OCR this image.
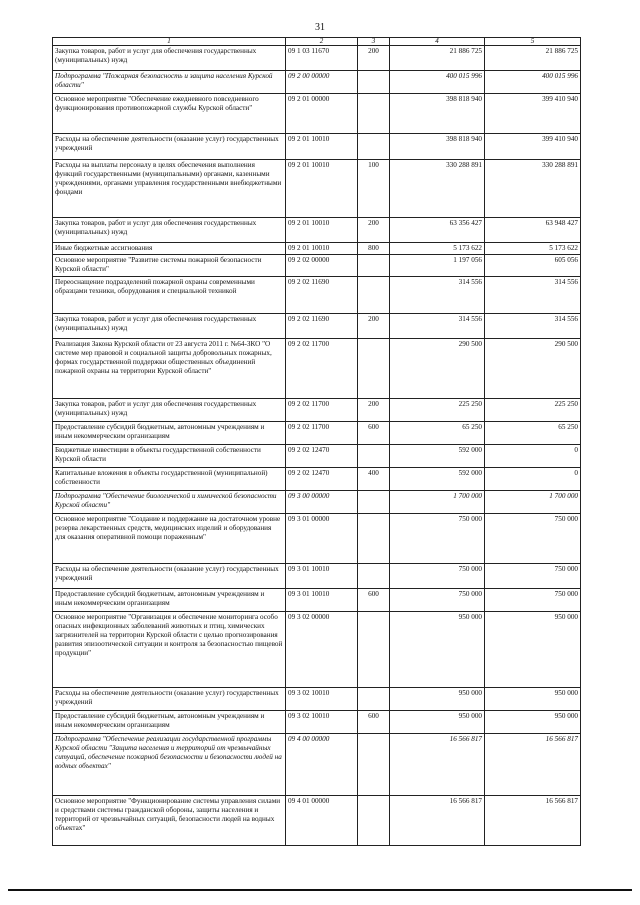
31
1	2	3	4	5
Закупка товаров, работ и услуг для обеспечения государственных (муниципальных) нужд	09 1 03 11670	200	21 886 725	21 886 725
Подпрограмма "Пожарная безопасность и защита населения Курской области"	09 2 00 00000		400 015 996	400 015 996
Основное мероприятие "Обеспечение ежедневного повседневного функционирования противопожарной службы Курской области"	09 2 01 00000		398 818 940	399 410 940
Расходы на обеспечение деятельности (оказание услуг) государственных учреждений	09 2 01 10010		398 818 940	399 410 940
Расходы на выплаты персоналу в целях обеспечения выполнения функций государственными (муниципальными) органами, казенными учреждениями, органами управления государственными внебюджетными фондами	09 2 01 10010	100	330 288 891	330 288 891
Закупка товаров, работ и услуг для обеспечения государственных (муниципальных) нужд	09 2 01 10010	200	63 356 427	63 948 427
Иные бюджетные ассигнования	09 2 01 10010	800	5 173 622	5 173 622
Основное мероприятие "Развитие системы пожарной безопасности Курской области"	09 2 02 00000		1 197 056	605 056
Переоснащение подразделений пожарной охраны современными образцами техники, оборудования и специальной техникой	09 2 02 11690		314 556	314 556
Закупка товаров, работ и услуг для обеспечения государственных (муниципальных) нужд	09 2 02 11690	200	314 556	314 556
Реализация Закона Курской области от 23 августа 2011 г. №64-ЗКО "О системе мер правовой и социальной защиты добровольных пожарных, формах государственной поддержки общественных объединений пожарной охраны на территории Курской области"	09 2 02 11700		290 500	290 500
Закупка товаров, работ и услуг для обеспечения государственных (муниципальных) нужд	09 2 02 11700	200	225 250	225 250
Предоставление субсидий бюджетным, автономным учреждениям и иным некоммерческим организациям	09 2 02 11700	600	65 250	65 250
Бюджетные инвестиции в объекты государственной собственности Курской области	09 2 02 12470		592 000	0
Капитальные вложения в объекты государственной (муниципальной) собственности	09 2 02 12470	400	592 000	0
Подпрограмма "Обеспечение биологической и химической безопасности Курской области"	09 3 00 00000		1 700 000	1 700 000
Основное мероприятие "Создание и поддержание на достаточном уровне резерва лекарственных средств, медицинских изделий и оборудования для оказания оперативной помощи пораженным"	09 3 01 00000		750 000	750 000
Расходы на обеспечение деятельности (оказание услуг) государственных учреждений	09 3 01 10010		750 000	750 000
Предоставление субсидий бюджетным, автономным учреждениям и иным некоммерческим организациям	09 3 01 10010	600	750 000	750 000
Основное мероприятие "Организация и обеспечение мониторинга особо опасных инфекционных заболеваний животных и птиц, химических загрязнителей на территории Курской области с целью прогнозирования развития эпизоотической ситуации и контроля за безопасностью пищевой продукции"	09 3 02 00000		950 000	950 000
Расходы на обеспечение деятельности (оказание услуг) государственных учреждений	09 3 02 10010		950 000	950 000
Предоставление субсидий бюджетным, автономным учреждениям и иным некоммерческим организациям	09 3 02 10010	600	950 000	950 000
Подпрограмма "Обеспечение реализации государственной программы Курской области "Защита населения и территорий от чрезвычайных ситуаций, обеспечение пожарной безопасности и безопасности людей на водных объектах"	09 4 00 00000		16 566 817	16 566 817
Основное мероприятие "Функционирование системы управления силами и средствами системы гражданской обороны, защиты населения и территорий от чрезвычайных ситуаций, безопасности людей на водных объектах"	09 4 01 00000		16 566 817	16 566 817
